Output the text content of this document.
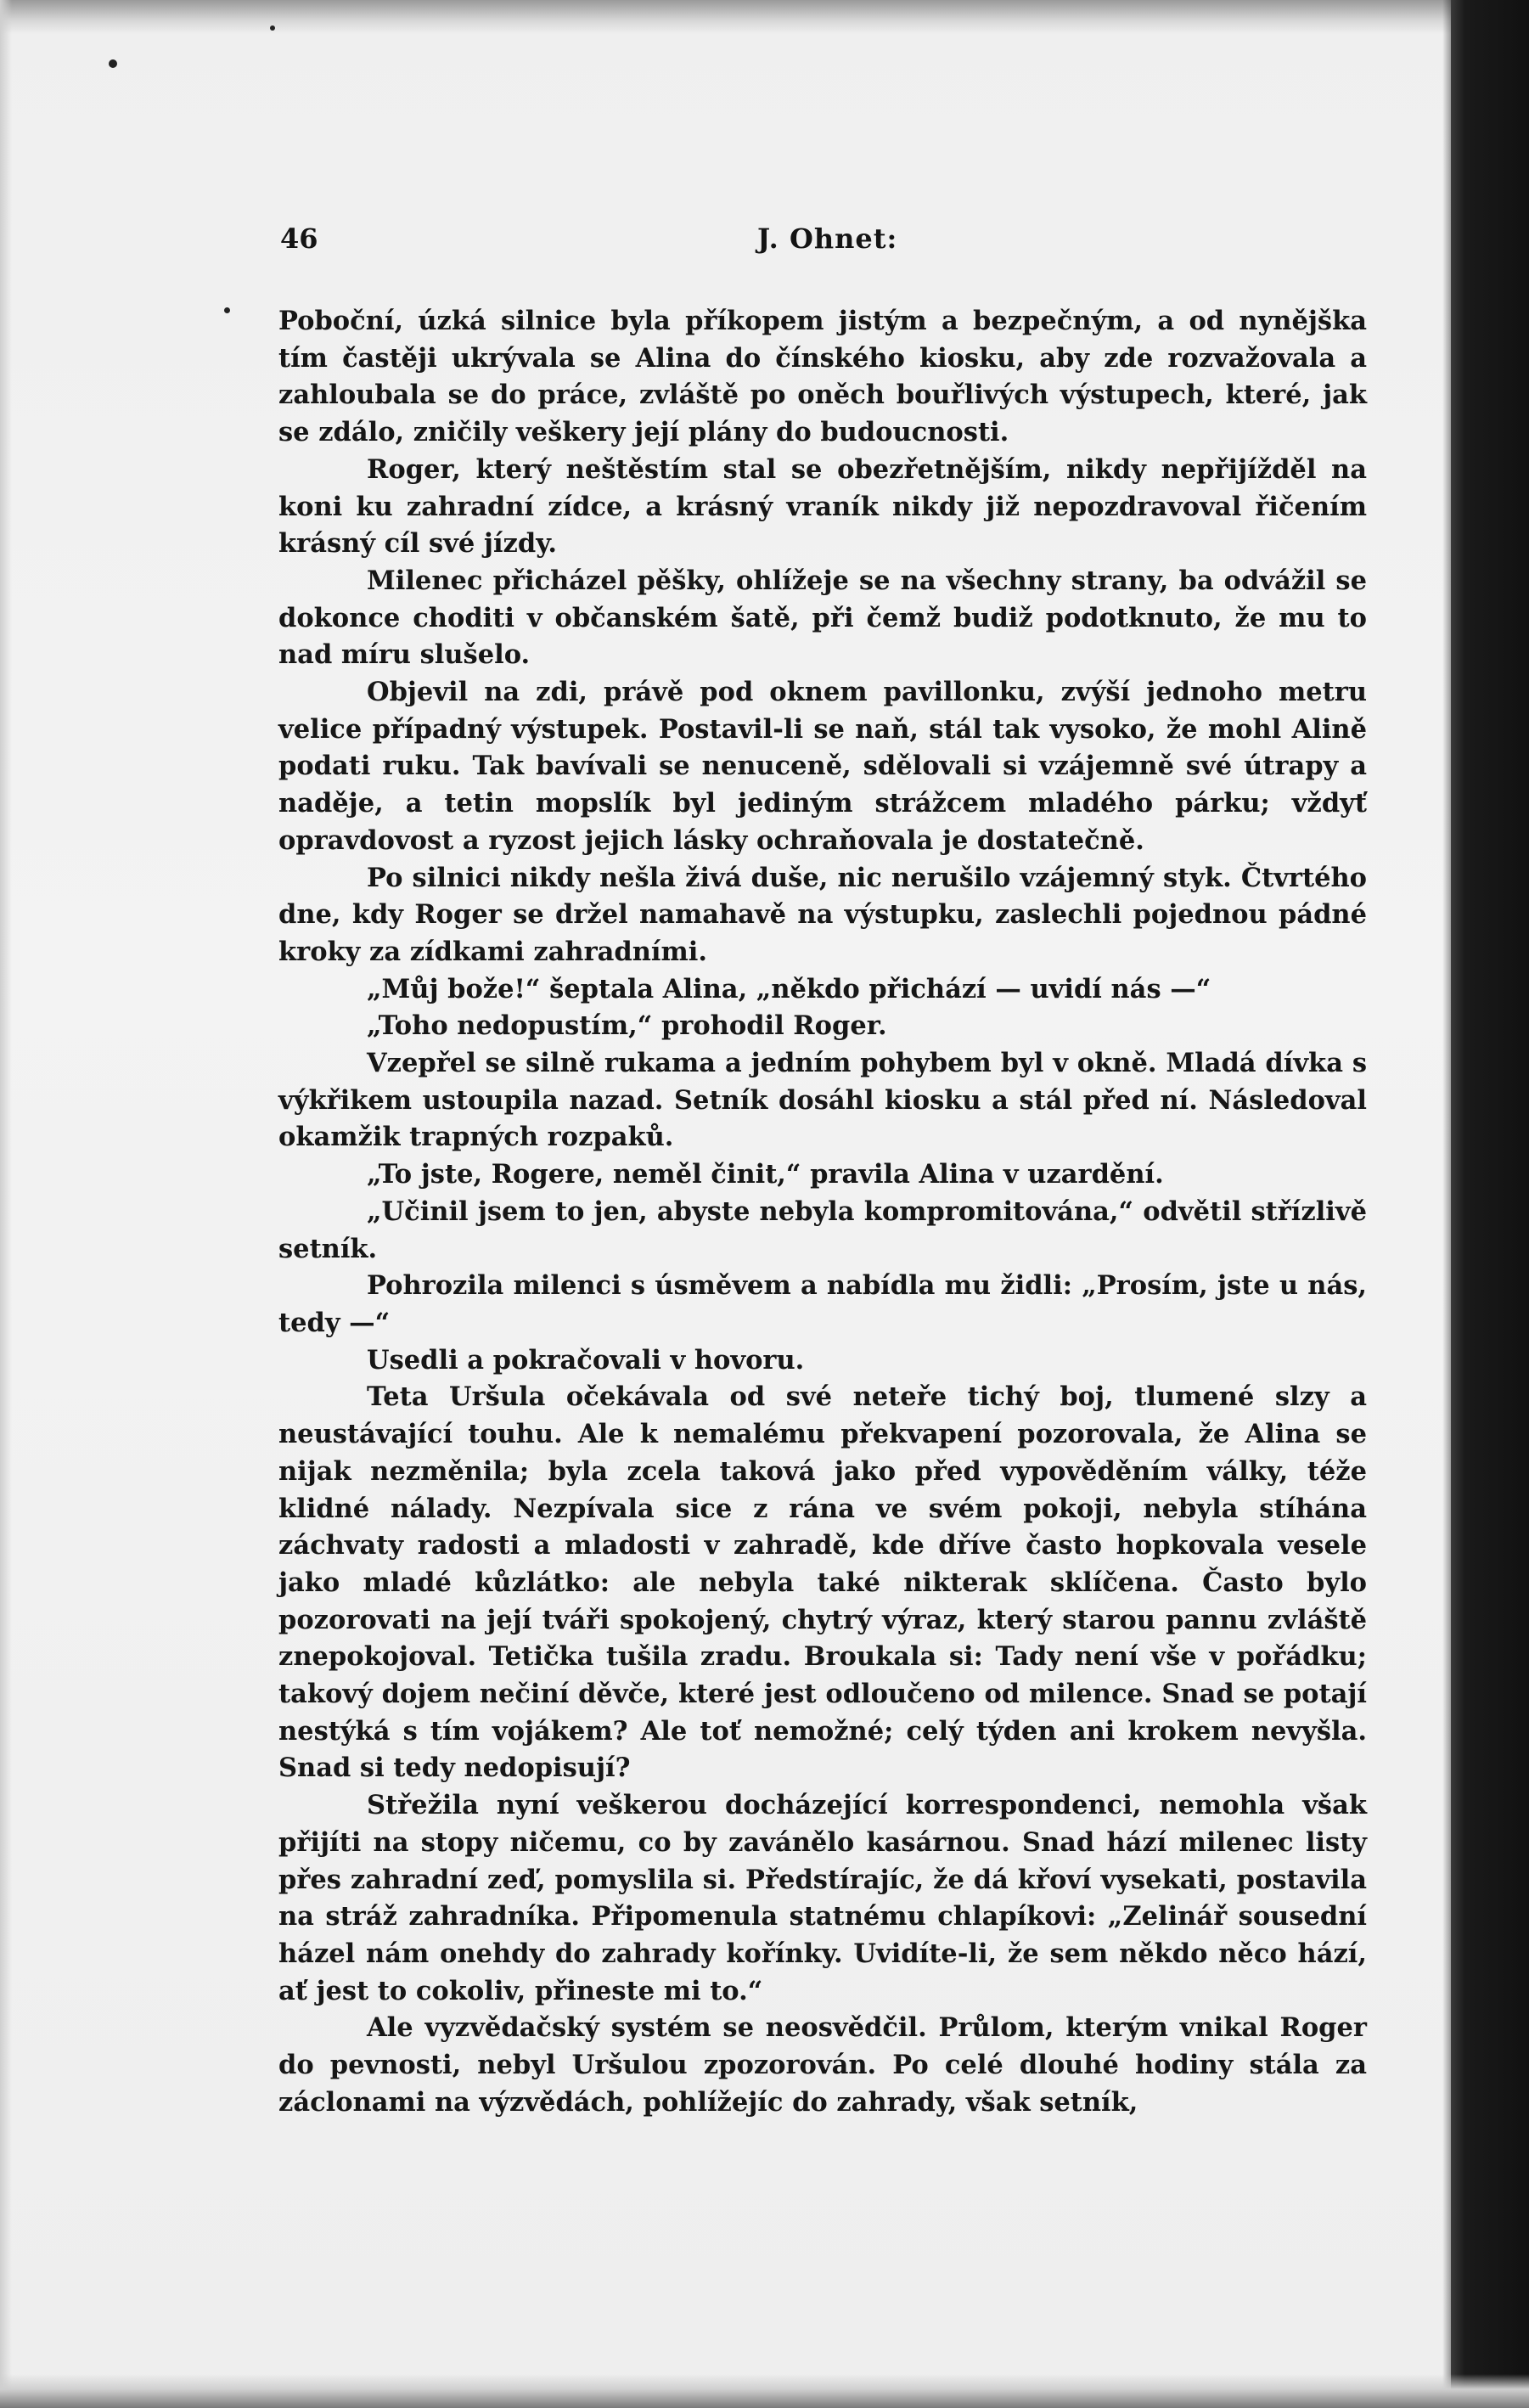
46	J. Ohnet:

Poboční, úzká silnice byla příkopem jistým a bezpečným, a od nynějška tím častěji ukrývala se Alina do čínského kiosku, aby zde rozvažovala a zahloubala se do práce, zvláště po oněch bouřlivých výstupech, které, jak se zdálo, zničily veškery její plány do budoucnosti.

Roger, který neštěstím stal se obezřetnějším, nikdy nepřijížděl na koni ku zahradní zídce, a krásný vraník nikdy již nepozdravoval řičením krásný cíl své jízdy.

Milenec přicházel pěšky, ohlížeje se na všechny strany, ba odvážil se dokonce choditi v občanském šatě, při čemž budiž podotknuto, že mu to nad míru slušelo.

Objevil na zdi, právě pod oknem pavillonku, zvýší jednoho metru velice případný výstupek. Postavil-li se naň, stál tak vysoko, že mohl Alině podati ruku. Tak bavívali se nenuceně, sdělovali si vzájemně své útrapy a naděje, a tetin mopslík byl jediným strážcem mladého párku; vždyť opravdovost a ryzost jejich lásky ochraňovala je dostatečně.

Po silnici nikdy nešla živá duše, nic nerušilo vzájemný styk. Čtvrtého dne, kdy Roger se držel namahavě na výstupku, zaslechli pojednou pádné kroky za zídkami zahradními.

„Můj bože!“ šeptala Alina, „někdo přichází — uvidí nás —“

„Toho nedopustím,“ prohodil Roger.

Vzepřel se silně rukama a jedním pohybem byl v okně. Mladá dívka s výkřikem ustoupila nazad. Setník dosáhl kiosku a stál před ní. Následoval okamžik trapných rozpaků.

„To jste, Rogere, neměl činit,“ pravila Alina v uzardění.

„Učinil jsem to jen, abyste nebyla kompromitována,“ odvětil střízlivě setník.

Pohrozila milenci s úsměvem a nabídla mu židli: „Prosím, jste u nás, tedy —“

Usedli a pokračovali v hovoru.

Teta Uršula očekávala od své neteře tichý boj, tlumené slzy a neustávající touhu. Ale k nemalému překvapení pozorovala, že Alina se nijak nezměnila; byla zcela taková jako před vypověděním války, téže klidné nálady. Nezpívala sice z rána ve svém pokoji, nebyla stíhána záchvaty radosti a mladosti v zahradě, kde dříve často hopkovala vesele jako mladé kůzlátko: ale nebyla také nikterak sklíčena. Často bylo pozorovati na její tváři spokojený, chytrý výraz, který starou pannu zvláště znepokojoval. Tetička tušila zradu. Broukala si: Tady není vše v pořádku; takový dojem nečiní děvče, které jest odloučeno od milence. Snad se potají nestýká s tím vojákem? Ale toť nemožné; celý týden ani krokem nevyšla. Snad si tedy nedopisují?

Střežila nyní veškerou docházející korrespondenci, nemohla však přijíti na stopy ničemu, co by zavánělo kasárnou. Snad hází milenec listy přes zahradní zeď, pomyslila si. Předstírajíc, že dá křoví vysekati, postavila na stráž zahradníka. Připomenula statnému chlapíkovi: „Zelinář sousední házel nám onehdy do zahrady kořínky. Uvidíte-li, že sem někdo něco hází, ať jest to cokoliv, přineste mi to.“

Ale vyzvědačský systém se neosvědčil. Průlom, kterým vnikal Roger do pevnosti, nebyl Uršulou zpozorován. Po celé dlouhé hodiny stála za záclonami na výzvědách, pohlížejíc do zahrady, však setník,
